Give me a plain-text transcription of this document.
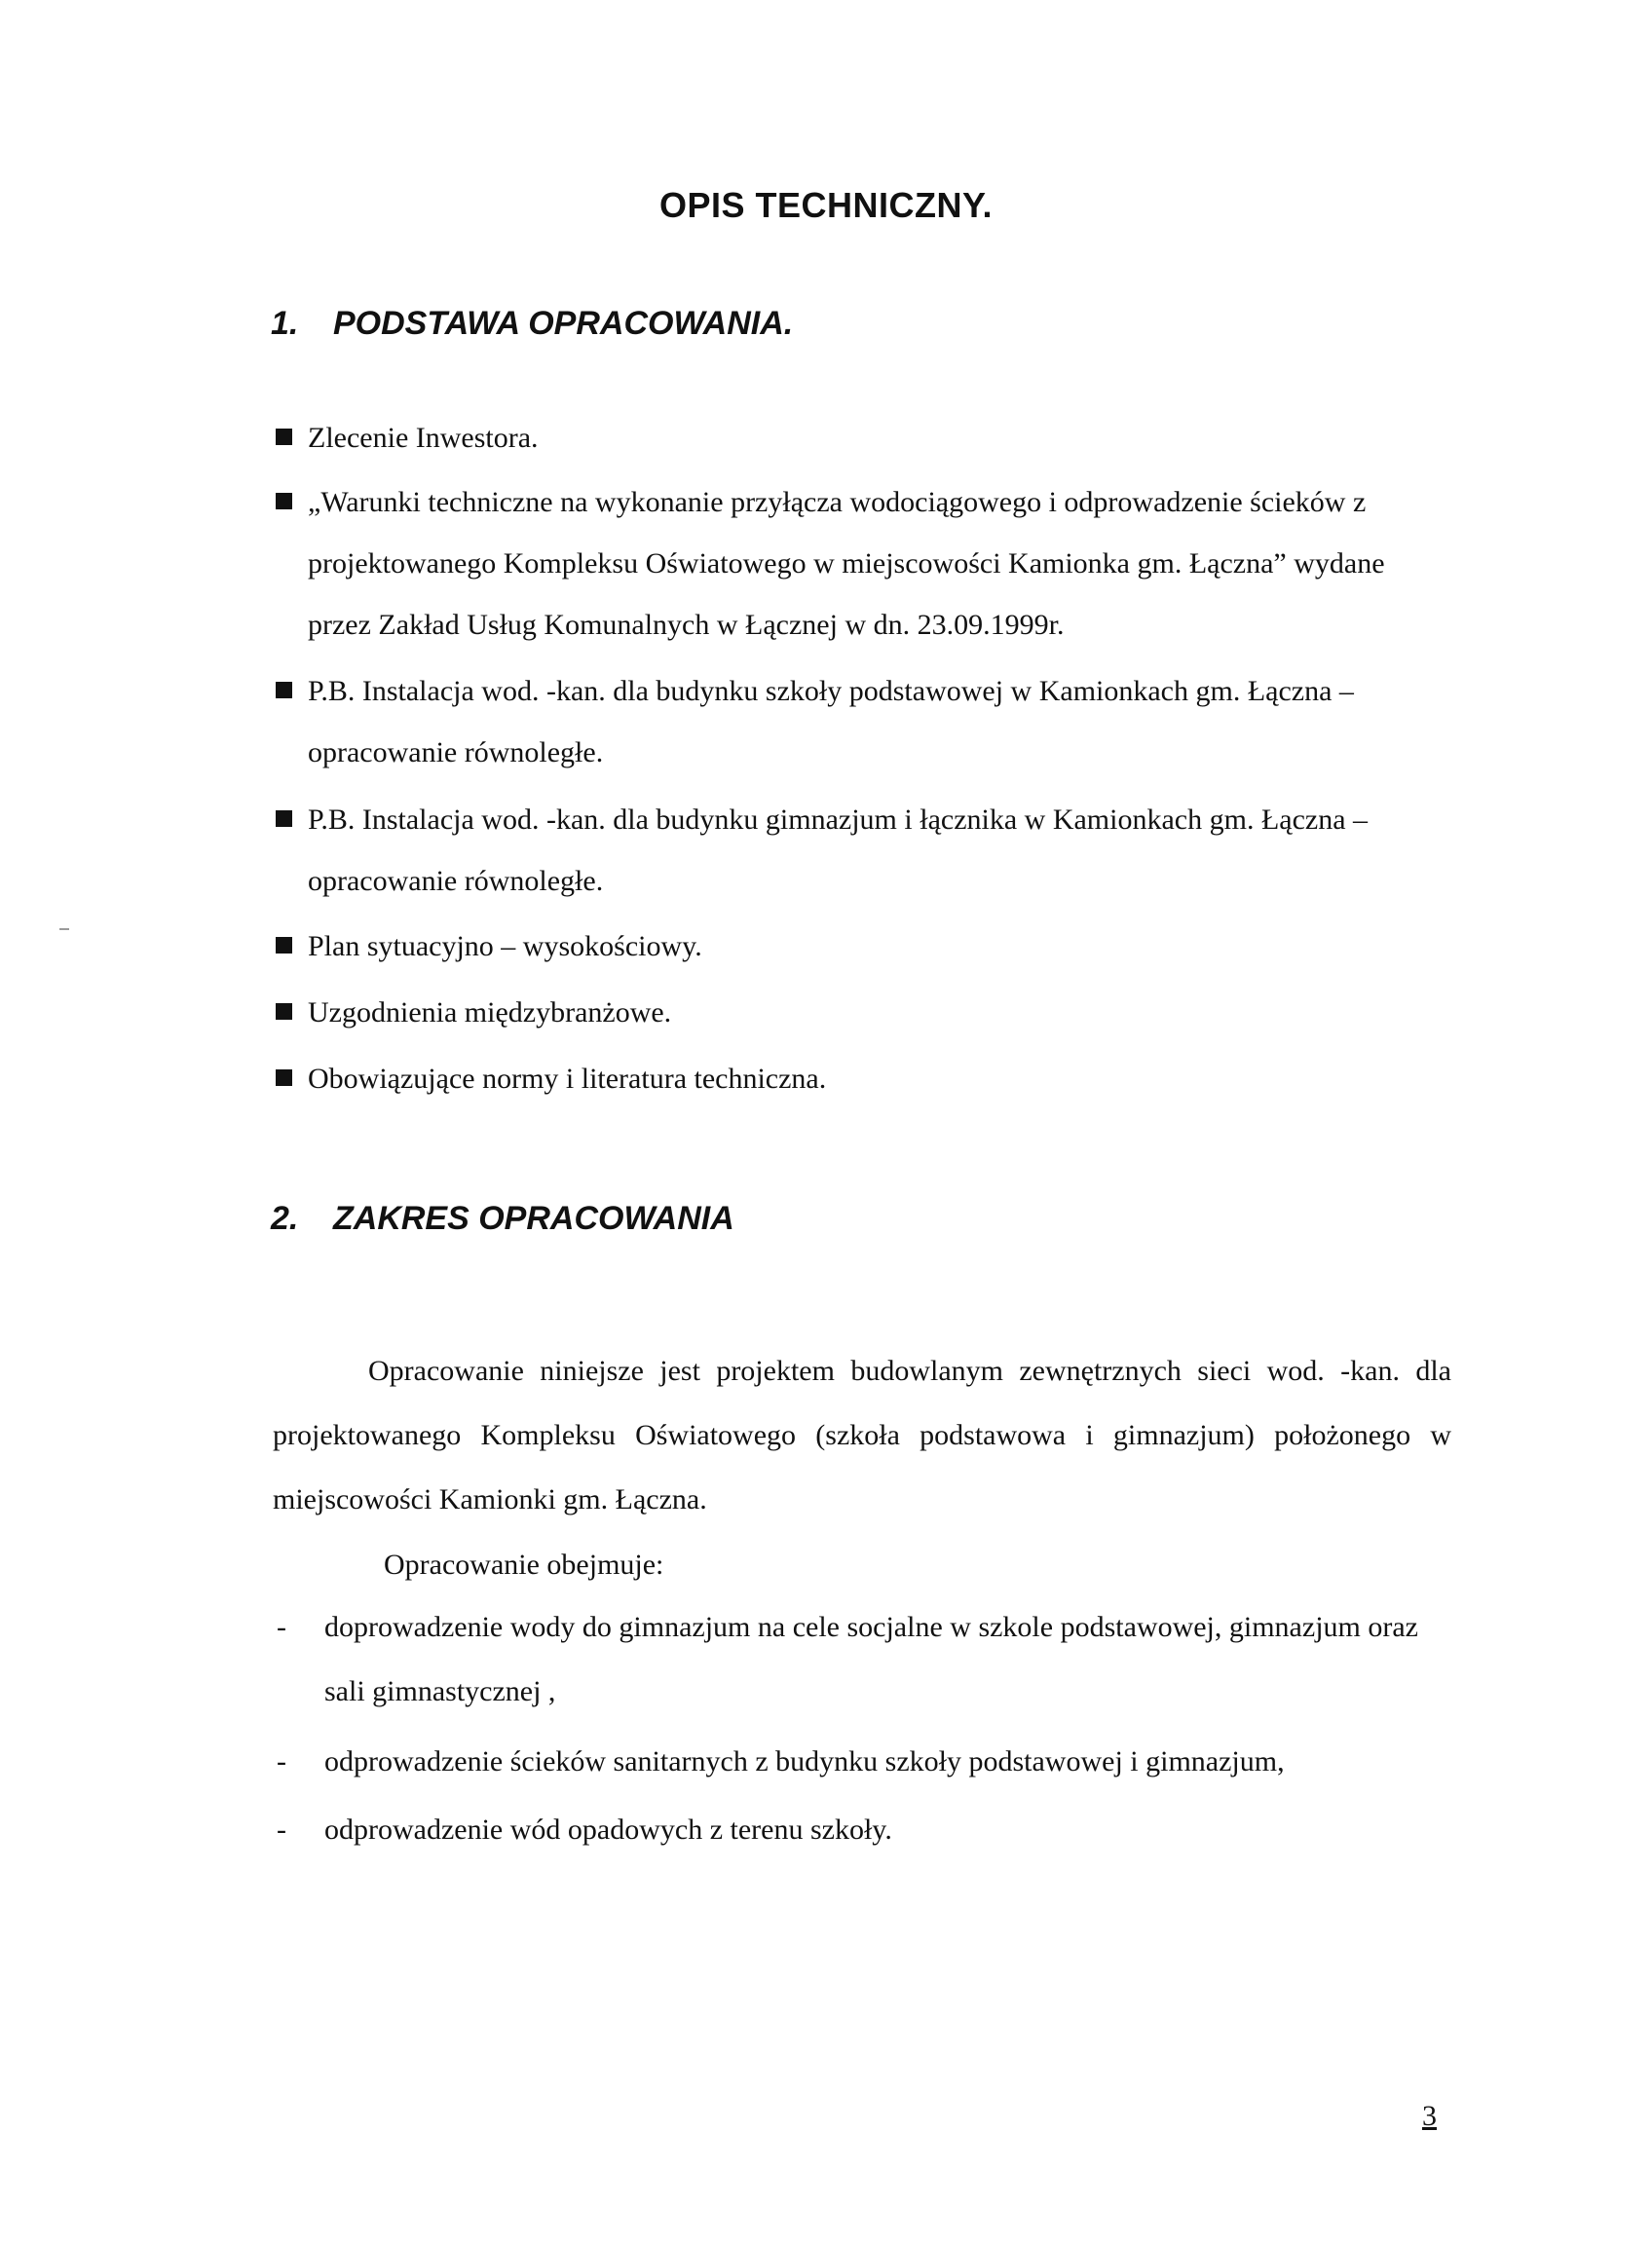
OPIS TECHNICZNY.
1. PODSTAWA OPRACOWANIA.
Zlecenie Inwestora.
„Warunki techniczne na wykonanie przyłącza wodociągowego i odprowadzenie ścieków z projektowanego Kompleksu Oświatowego w miejscowości Kamionka gm. Łączna” wydane przez Zakład Usług Komunalnych w Łącznej w dn. 23.09.1999r.
P.B. Instalacja wod. -kan. dla budynku szkoły podstawowej w Kamionkach gm. Łączna – opracowanie równoległe.
P.B. Instalacja wod. -kan. dla budynku gimnazjum i łącznika w Kamionkach gm. Łączna – opracowanie równoległe.
Plan sytuacyjno – wysokościowy.
Uzgodnienia międzybranżowe.
Obowiązujące normy i literatura techniczna.
2. ZAKRES OPRACOWANIA
Opracowanie niniejsze jest projektem budowlanym zewnętrznych sieci wod. -kan. dla projektowanego Kompleksu Oświatowego (szkoła podstawowa i gimnazjum) położonego w miejscowości Kamionki gm. Łączna.
Opracowanie obejmuje:
- doprowadzenie wody do gimnazjum na cele socjalne w szkole podstawowej, gimnazjum oraz sali gimnastycznej ,
- odprowadzenie ścieków sanitarnych z budynku szkoły podstawowej i gimnazjum,
- odprowadzenie wód opadowych z terenu szkoły.
3
